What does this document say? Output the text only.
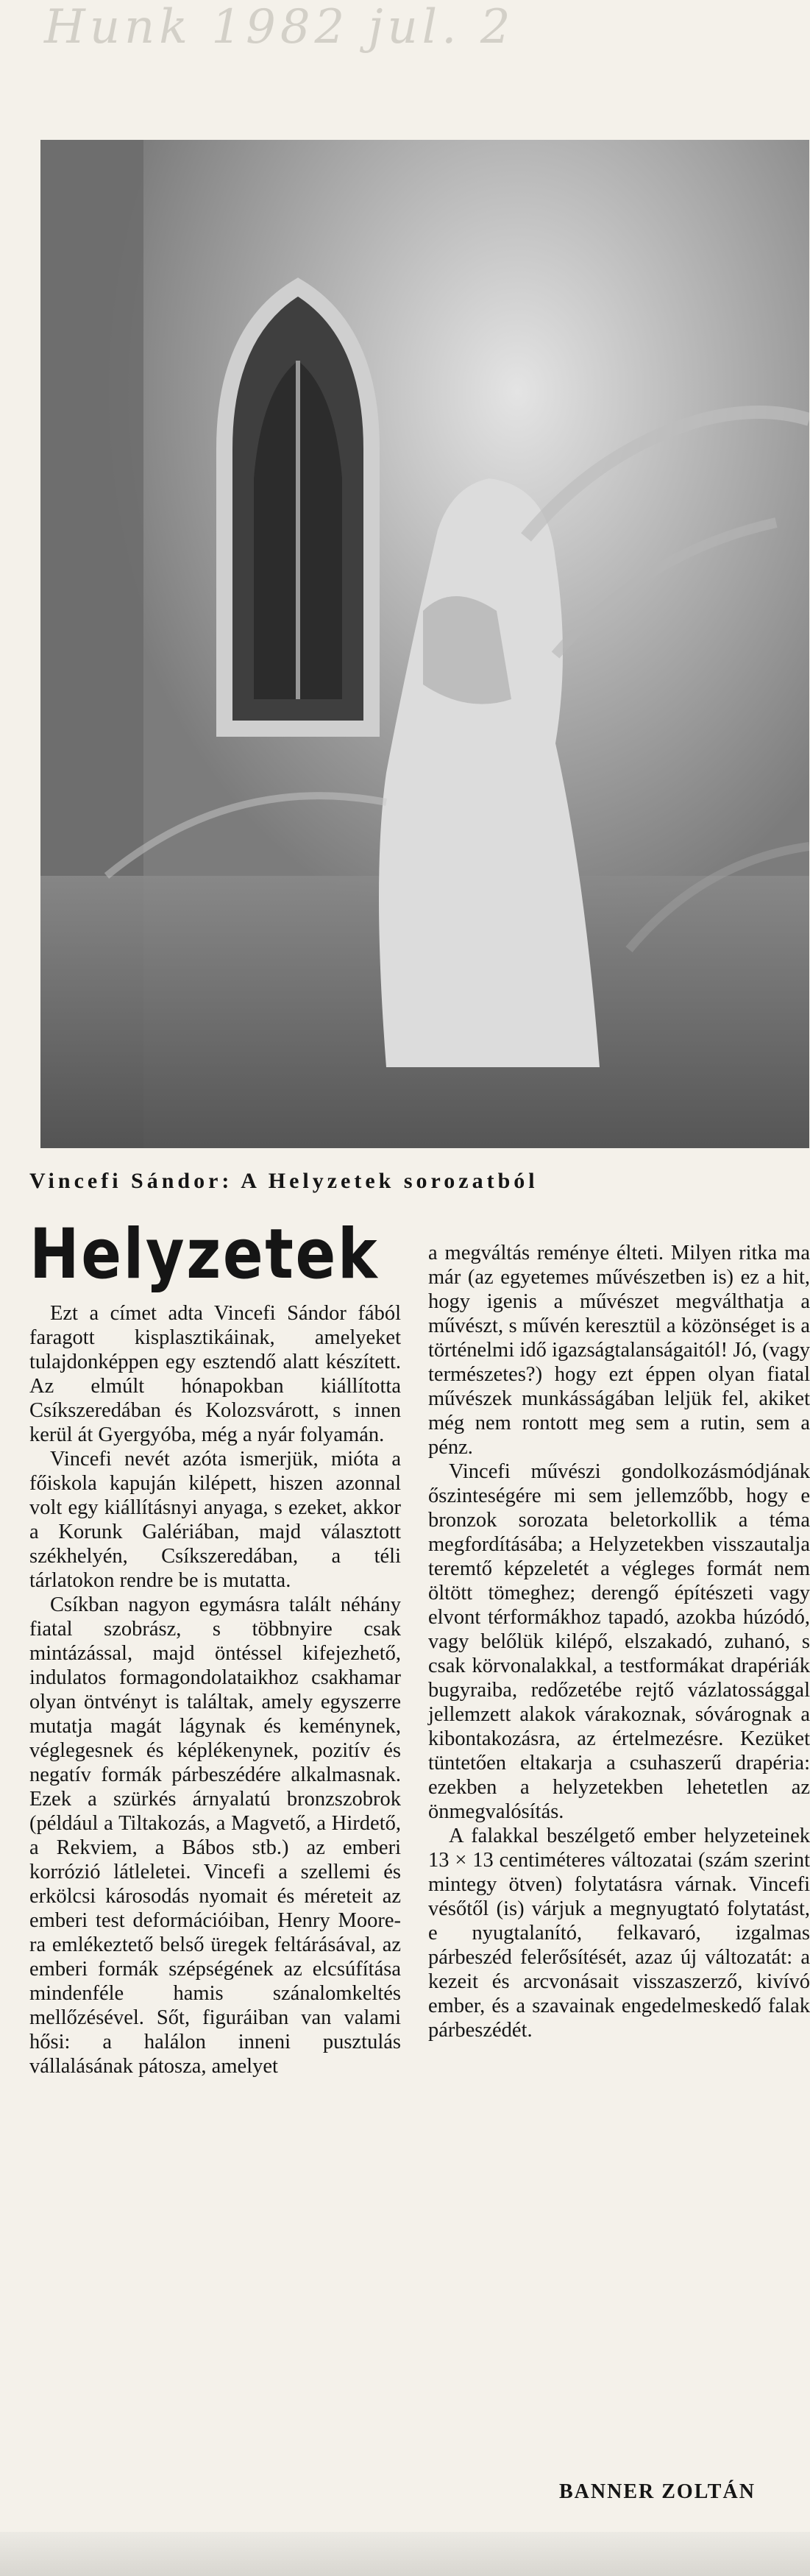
Hunk 1982 jul. 2
Vincefi Sándor: A Helyzetek sorozatból
Helyzetek

Ezt a címet adta Vincefi Sándor fából faragott kisplasztikáinak, amelyeket tulajdonképpen egy esztendő alatt készített. Az elmúlt hónapokban kiállította Csíkszeredában és Kolozsvárott, s innen kerül át Gyergyóba, még a nyár folyamán.

Vincefi nevét azóta ismerjük, mióta a főiskola kapuján kilépett, hiszen azonnal volt egy kiállításnyi anyaga, s ezeket, akkor a Korunk Galériában, majd választott székhelyén, Csíkszeredában, a téli tárlatokon rendre be is mutatta.

Csíkban nagyon egymásra talált néhány fiatal szobrász, s többnyire csak mintázással, majd öntéssel kifejezhető, indulatos formagondolataikhoz csakhamar olyan öntvényt is találtak, amely egyszerre mutatja magát lágynak és keménynek, véglegesnek és képlékenynek, pozitív és negatív formák párbeszédére alkalmasnak. Ezek a szürkés árnyalatú bronzszobrok (például a Tiltakozás, a Magvető, a Hirdető, a Rekviem, a Bábos stb.) az emberi korrózió látleletei. Vincefi a szellemi és erkölcsi károsodás nyomait és méreteit az emberi test deformációiban, Henry Moore-ra emlékeztető belső üregek feltárásával, az emberi formák szépségének az elcsúfítása mindenféle hamis szánalomkeltés mellőzésével. Sőt, figuráiban van valami hősi: a halálon inneni pusztulás vállalásának pátosza, amelyet

a megváltás reménye élteti. Milyen ritka ma már (az egyetemes művészetben is) ez a hit, hogy igenis a művészet megválthatja a művészt, s művén keresztül a közönséget is a történelmi idő igazságtalanságaitól! Jó, (vagy természetes?) hogy ezt éppen olyan fiatal művészek munkásságában leljük fel, akiket még nem rontott meg sem a rutin, sem a pénz.

Vincefi művészi gondolkozásmódjának őszinteségére mi sem jellemzőbb, hogy e bronzok sorozata beletorkollik a téma megfordításába; a Helyzetekben visszautalja teremtő képzeletét a végleges formát nem öltött tömeghez; derengő építészeti vagy elvont térformákhoz tapadó, azokba húzódó, vagy belőlük kilépő, elszakadó, zuhanó, s csak körvonalakkal, a testformákat drapériák bugyraiba, redőzetébe rejtő vázlatossággal jellemzett alakok várakoznak, sóvárognak a kibontakozásra, az értelmezésre. Kezüket tüntetően eltakarja a csuhaszerű drapéria: ezekben a helyzetekben lehetetlen az önmegvalósítás.

A falakkal beszélgető ember helyzeteinek 13 × 13 centiméteres változatai (szám szerint mintegy ötven) folytatásra várnak. Vincefi vésőtől (is) várjuk a megnyugtató folytatást, e nyugtalanító, felkavaró, izgalmas párbeszéd felerősítését, azaz új változatát: a kezeit és arcvonásait visszaszerző, kivívó ember, és a szavainak engedelmeskedő falak párbeszédét.

BANNER ZOLTÁN
